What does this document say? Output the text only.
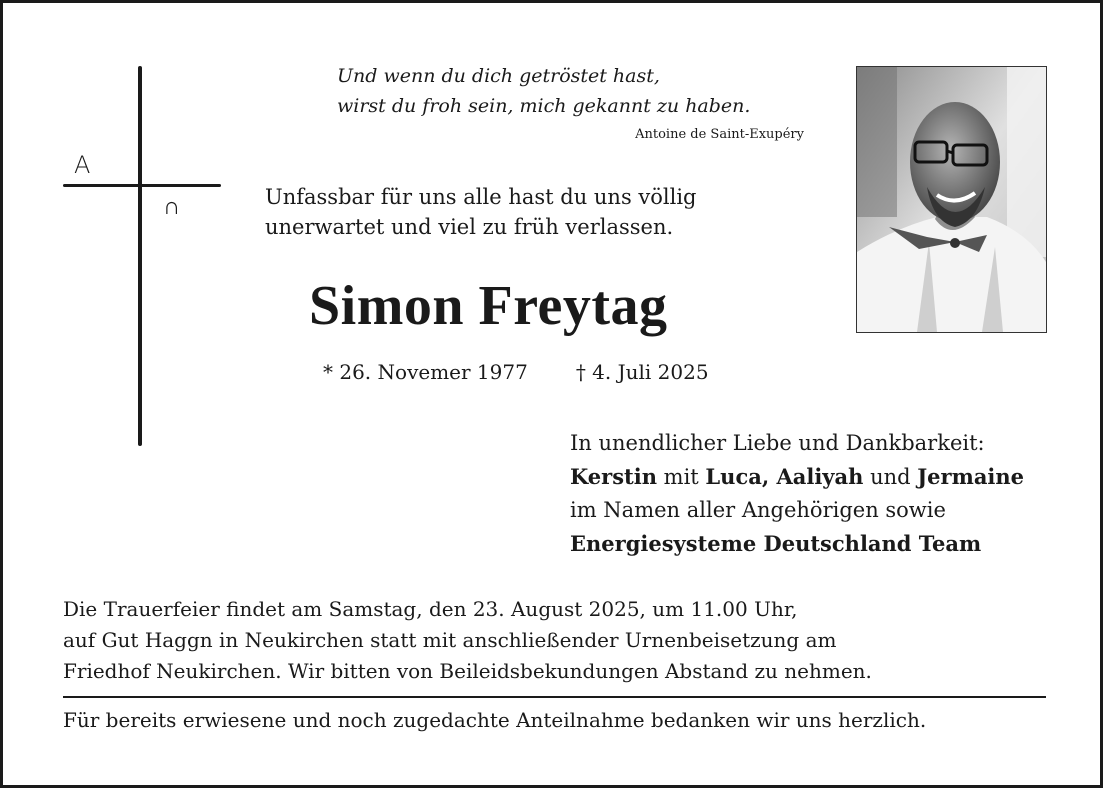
A
∩
Und wenn du dich getröstet hast,
wirst du froh sein, mich gekannt zu haben.
Antoine de Saint-Exupéry
Unfassbar für uns alle hast du uns völlig
unerwartet und viel zu früh verlassen.
Simon Freytag
* 26. Novemer 1977 † 4. Juli 2025
In unendlicher Liebe und Dankbarkeit:
Kerstin mit Luca, Aaliyah und Jermaine
im Namen aller Angehörigen sowie
Energiesysteme Deutschland Team
Die Trauerfeier findet am Samstag, den 23. August 2025, um 11.00 Uhr,
auf Gut Haggn in Neukirchen statt mit anschließender Urnenbeisetzung am
Friedhof Neukirchen. Wir bitten von Beileidsbekundungen Abstand zu nehmen.
Für bereits erwiesene und noch zugedachte Anteilnahme bedanken wir uns herzlich.
